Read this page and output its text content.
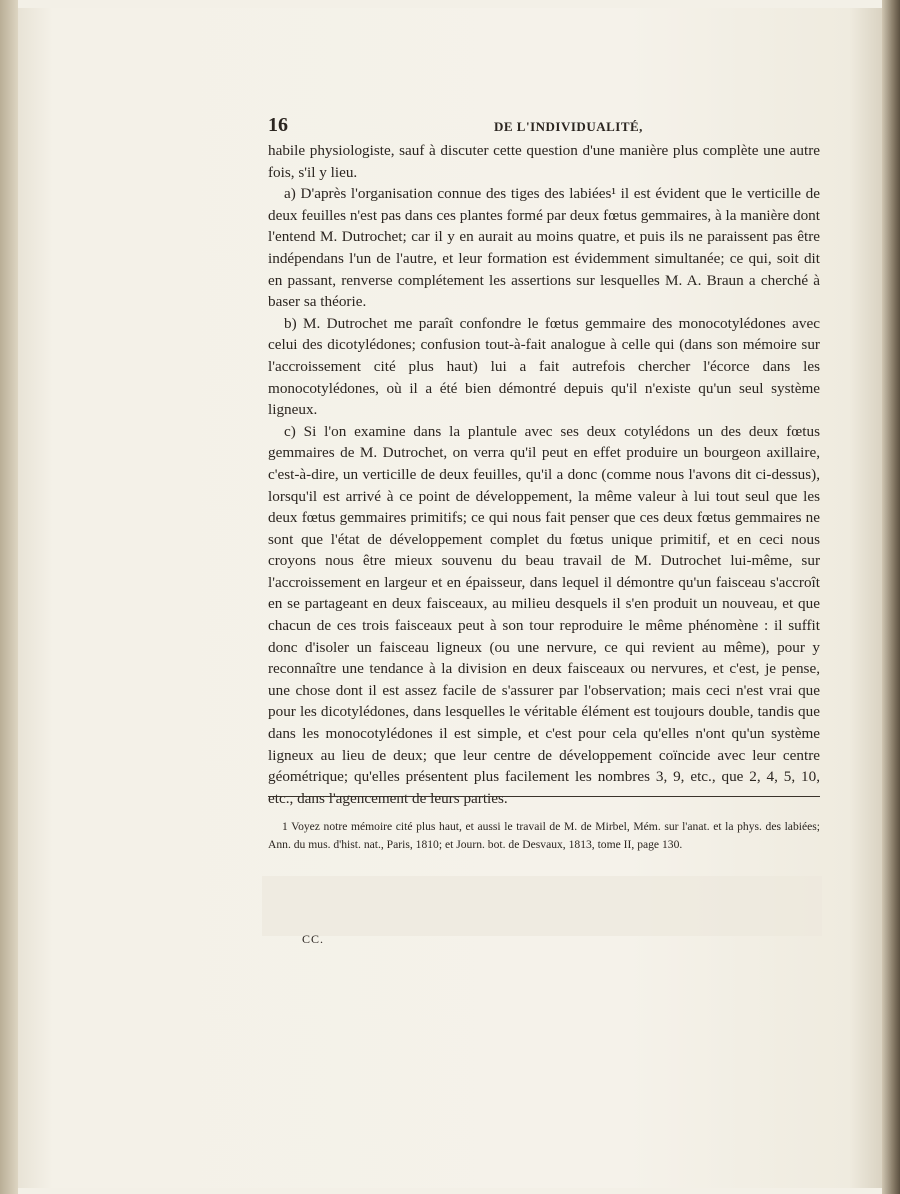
16	DE L'INDIVIDUALITÉ,

habile physiologiste, sauf à discuter cette question d'une manière plus complète une autre fois, s'il y lieu.

a) D'après l'organisation connue des tiges des labiées¹ il est évident que le verticille de deux feuilles n'est pas dans ces plantes formé par deux fœtus gemmaires, à la manière dont l'entend M. Dutrochet; car il y en aurait au moins quatre, et puis ils ne paraissent pas être indépendans l'un de l'autre, et leur formation est évidemment simultanée; ce qui, soit dit en passant, renverse complétement les assertions sur lesquelles M. A. Braun a cherché à baser sa théorie.

b) M. Dutrochet me paraît confondre le fœtus gemmaire des monocotylédones avec celui des dicotylédones; confusion tout-à-fait analogue à celle qui (dans son mémoire sur l'accroissement cité plus haut) lui a fait autrefois chercher l'écorce dans les monocotylédones, où il a été bien démontré depuis qu'il n'existe qu'un seul système ligneux.

c) Si l'on examine dans la plantule avec ses deux cotylédons un des deux fœtus gemmaires de M. Dutrochet, on verra qu'il peut en effet produire un bourgeon axillaire, c'est-à-dire, un verticille de deux feuilles, qu'il a donc (comme nous l'avons dit ci-dessus), lorsqu'il est arrivé à ce point de développement, la même valeur à lui tout seul que les deux fœtus gemmaires primitifs; ce qui nous fait penser que ces deux fœtus gemmaires ne sont que l'état de développement complet du fœtus unique primitif, et en ceci nous croyons nous être mieux souvenu du beau travail de M. Dutrochet lui-même, sur l'accroissement en largeur et en épaisseur, dans lequel il démontre qu'un faisceau s'accroît en se partageant en deux faisceaux, au milieu desquels il s'en produit un nouveau, et que chacun de ces trois faisceaux peut à son tour reproduire le même phénomène : il suffit donc d'isoler un faisceau ligneux (ou une nervure, ce qui revient au même), pour y reconnaître une tendance à la division en deux faisceaux ou nervures, et c'est, je pense, une chose dont il est assez facile de s'assurer par l'observation; mais ceci n'est vrai que pour les dicotylédones, dans lesquelles le véritable élément est toujours double, tandis que dans les monocotylédones il est simple, et c'est pour cela qu'elles n'ont qu'un système ligneux au lieu de deux; que leur centre de développement coïncide avec leur centre géométrique; qu'elles présentent plus facilement les nombres 3, 9, etc., que 2, 4, 5, 10, etc., dans l'agencement de leurs parties.

1 Voyez notre mémoire cité plus haut, et aussi le travail de M. de Mirbel, Mém. sur l'anat. et la phys. des labiées; Ann. du mus. d'hist. nat., Paris, 1810; et Journ. bot. de Desvaux, 1813, tome II, page 130.

CC.
